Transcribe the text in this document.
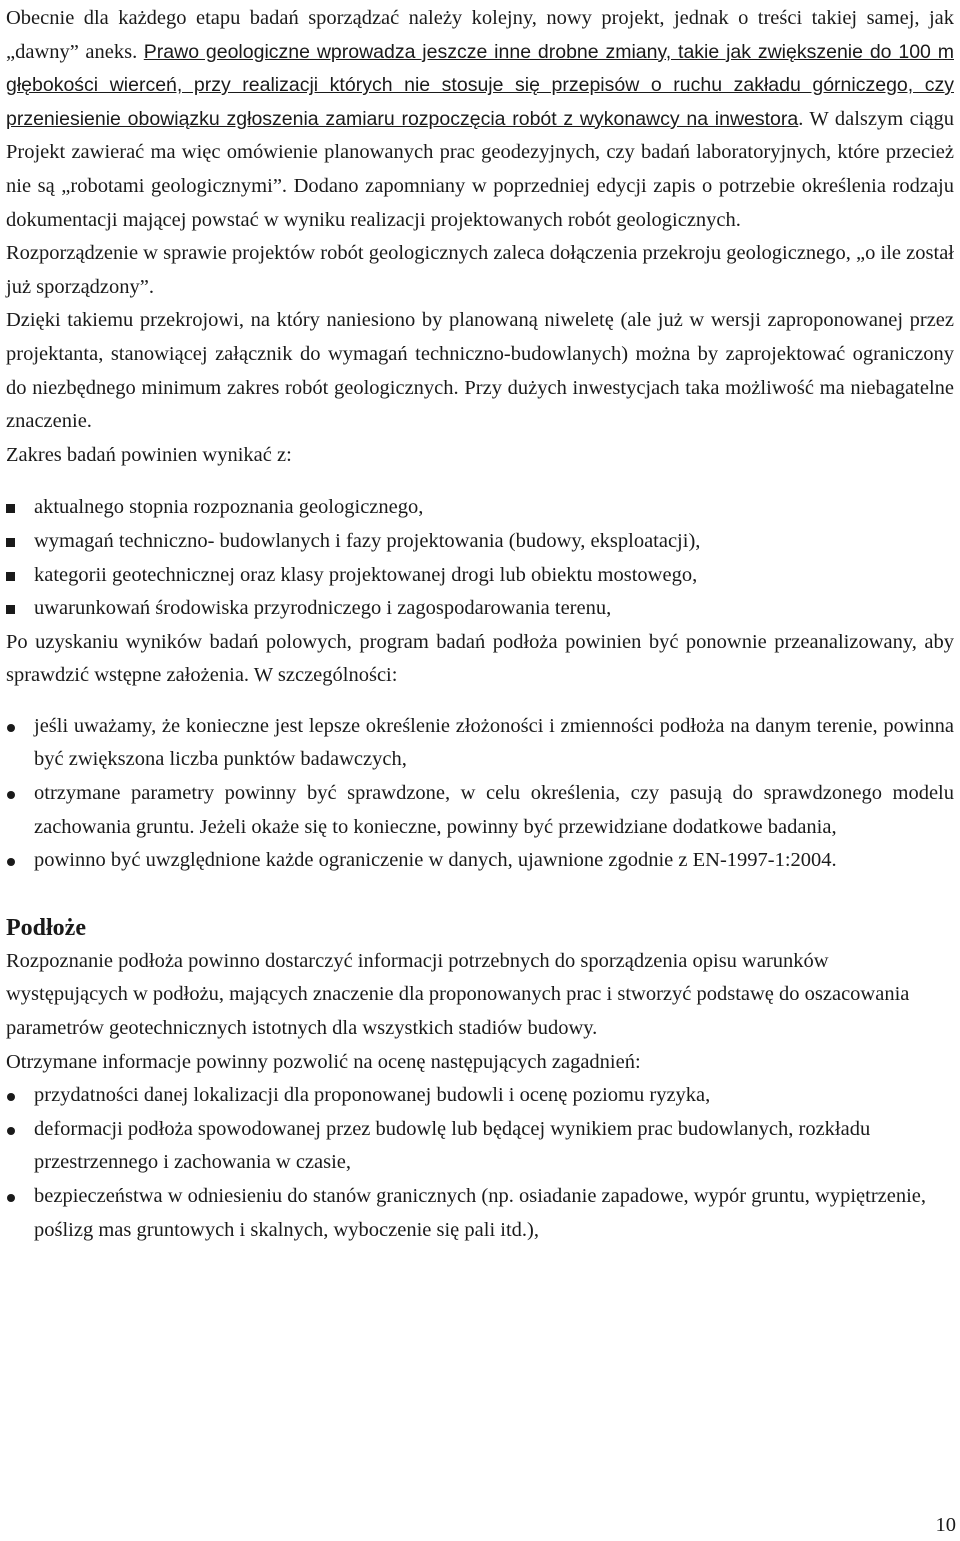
Obecnie dla każdego etapu badań sporządzać należy kolejny, nowy projekt, jednak o treści takiej samej, jak „dawny” aneks. Prawo geologiczne wprowadza jeszcze inne drobne zmiany, takie jak zwiększenie do 100 m głębokości wierceń, przy realizacji których nie stosuje się przepisów o ruchu zakładu górniczego, czy przeniesienie obowiązku zgłoszenia zamiaru rozpoczęcia robót z wykonawcy na inwestora. W dalszym ciągu Projekt zawierać ma więc omówienie planowanych prac geodezyjnych, czy badań laboratoryjnych, które przecież nie są „robotami geologicznymi”. Dodano zapomniany w poprzedniej edycji zapis o potrzebie określenia rodzaju dokumentacji mającej powstać w wyniku realizacji projektowanych robót geologicznych.

Rozporządzenie w sprawie projektów robót geologicznych zaleca dołączenia przekroju geologicznego, „o ile został już sporządzony”.

Dzięki takiemu przekrojowi, na który naniesiono by planowaną niweletę (ale już w wersji zaproponowanej przez projektanta, stanowiącej załącznik do wymagań techniczno-budowlanych) można by zaprojektować ograniczony do niezbędnego minimum zakres robót geologicznych. Przy dużych inwestycjach taka możliwość ma niebagatelne znaczenie.

Zakres badań powinien wynikać z:

aktualnego stopnia rozpoznania geologicznego,
wymagań techniczno- budowlanych i fazy projektowania (budowy, eksploatacji),
kategorii geotechnicznej oraz klasy projektowanej drogi lub obiektu mostowego,
uwarunkowań środowiska przyrodniczego i zagospodarowania terenu,

Po uzyskaniu wyników badań polowych, program badań podłoża powinien być ponownie przeanalizowany, aby sprawdzić wstępne założenia. W szczególności:

jeśli uważamy, że konieczne jest lepsze określenie złożoności i zmienności podłoża na danym terenie, powinna być zwiększona liczba punktów badawczych,
otrzymane parametry powinny być sprawdzone, w celu określenia, czy pasują do sprawdzonego modelu zachowania gruntu. Jeżeli okaże się to konieczne, powinny być przewidziane dodatkowe badania,
powinno być uwzględnione każde ograniczenie w danych, ujawnione zgodnie z EN-1997-1:2004.
Podłoże

Rozpoznanie podłoża powinno dostarczyć informacji potrzebnych do sporządzenia opisu warunków występujących w podłożu, mających znaczenie dla proponowanych prac i stworzyć podstawę do oszacowania parametrów geotechnicznych istotnych dla wszystkich stadiów budowy.

Otrzymane informacje powinny pozwolić na ocenę następujących zagadnień:

przydatności danej lokalizacji dla proponowanej budowli i ocenę poziomu ryzyka,
deformacji podłoża spowodowanej przez budowlę lub będącej wynikiem prac budowlanych, rozkładu przestrzennego i zachowania w czasie,
bezpieczeństwa w odniesieniu do stanów granicznych (np. osiadanie zapadowe, wypór gruntu, wypiętrzenie, poślizg mas gruntowych i skalnych, wyboczenie się pali itd.),
10
